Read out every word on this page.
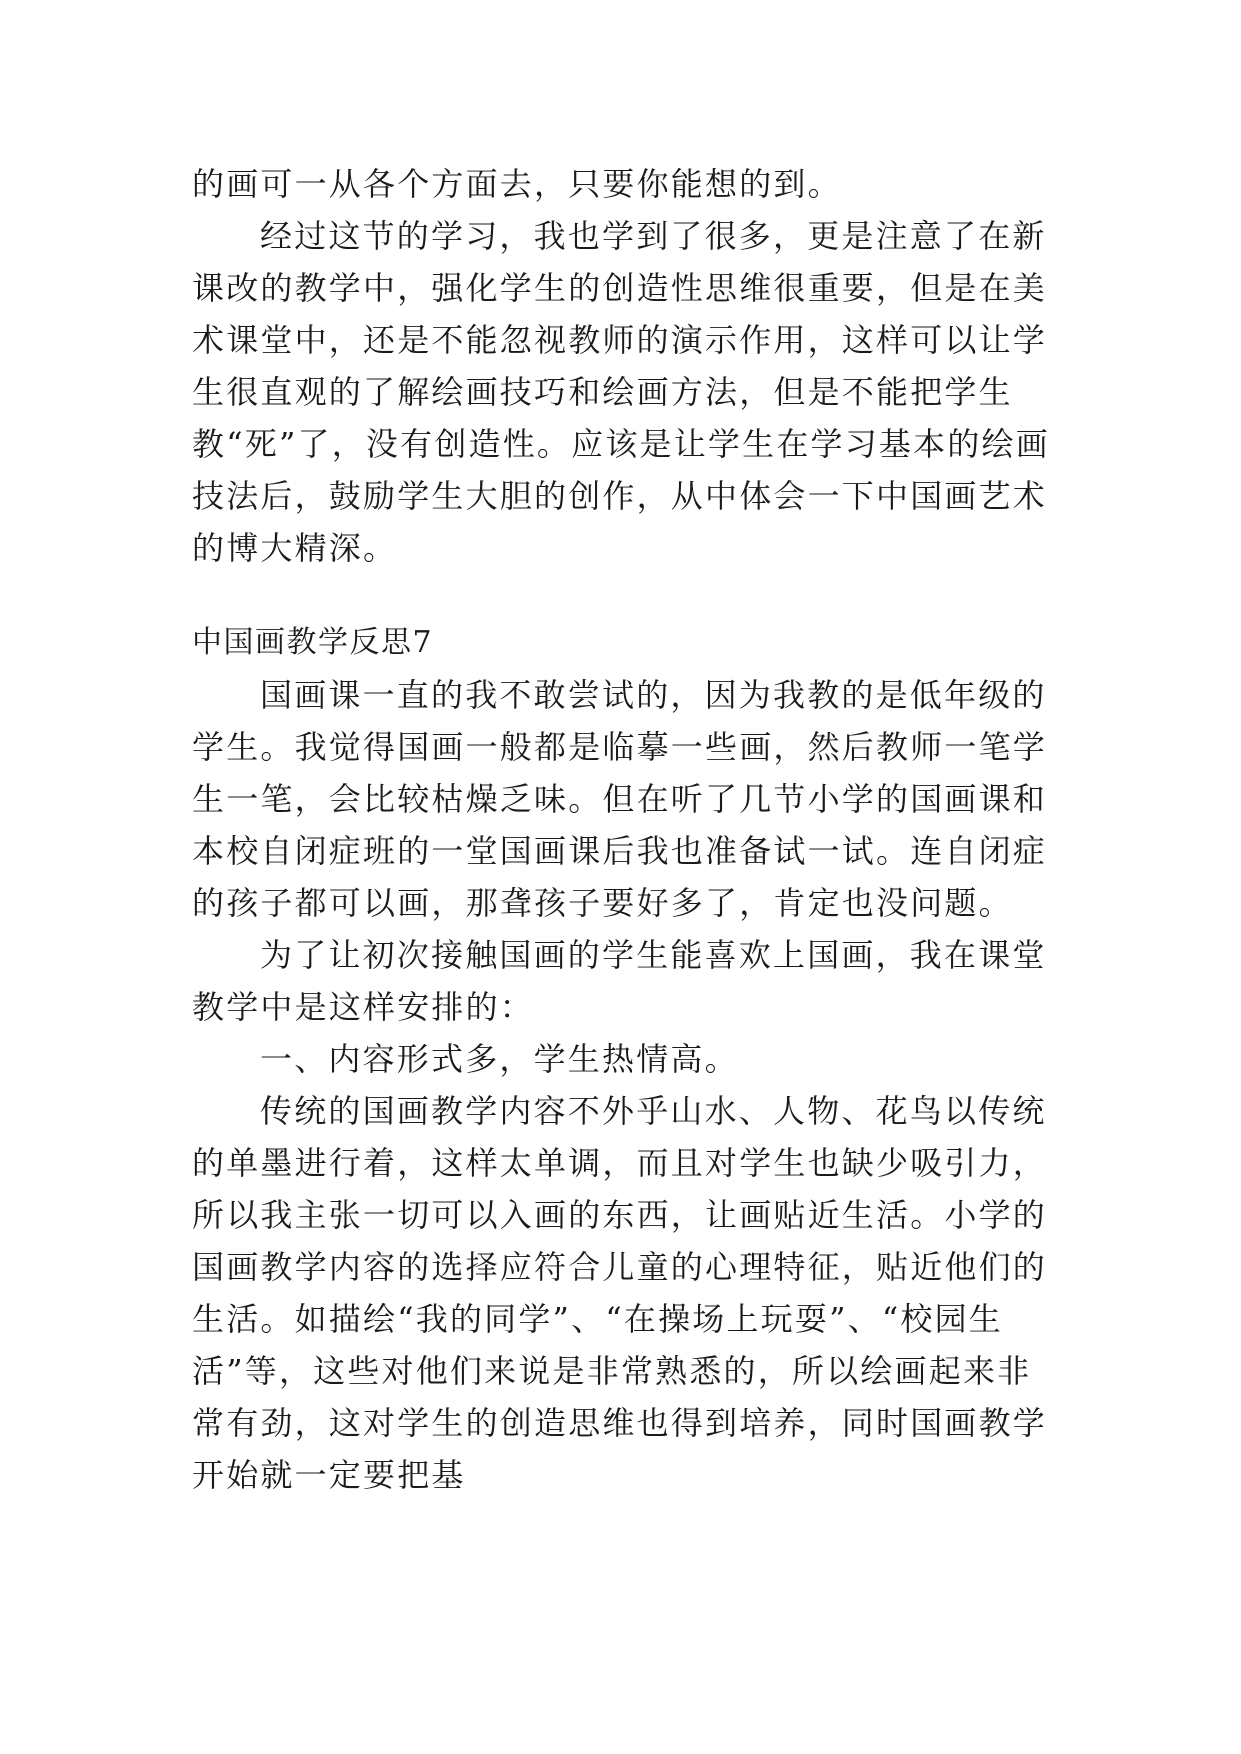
的画可一从各个方面去，只要你能想的到。

经过这节的学习，我也学到了很多，更是注意了在新课改的教学中，强化学生的创造性思维很重要，但是在美术课堂中，还是不能忽视教师的演示作用，这样可以让学生很直观的了解绘画技巧和绘画方法，但是不能把学生教“死”了，没有创造性。应该是让学生在学习基本的绘画技法后，鼓励学生大胆的创作，从中体会一下中国画艺术的博大精深。

中国画教学反思7

国画课一直的我不敢尝试的，因为我教的是低年级的学生。我觉得国画一般都是临摹一些画，然后教师一笔学生一笔，会比较枯燥乏味。但在听了几节小学的国画课和本校自闭症班的一堂国画课后我也准备试一试。连自闭症的孩子都可以画，那聋孩子要好多了，肯定也没问题。

为了让初次接触国画的学生能喜欢上国画，我在课堂教学中是这样安排的：

一、内容形式多，学生热情高。

传统的国画教学内容不外乎山水、人物、花鸟以传统的单墨进行着，这样太单调，而且对学生也缺少吸引力，所以我主张一切可以入画的东西，让画贴近生活。小学的国画教学内容的选择应符合儿童的心理特征，贴近他们的生活。如描绘“我的同学”、“在操场上玩耍”、“校园生活”等，这些对他们来说是非常熟悉的，所以绘画起来非常有劲，这对学生的创造思维也得到培养，同时国画教学开始就一定要把基
